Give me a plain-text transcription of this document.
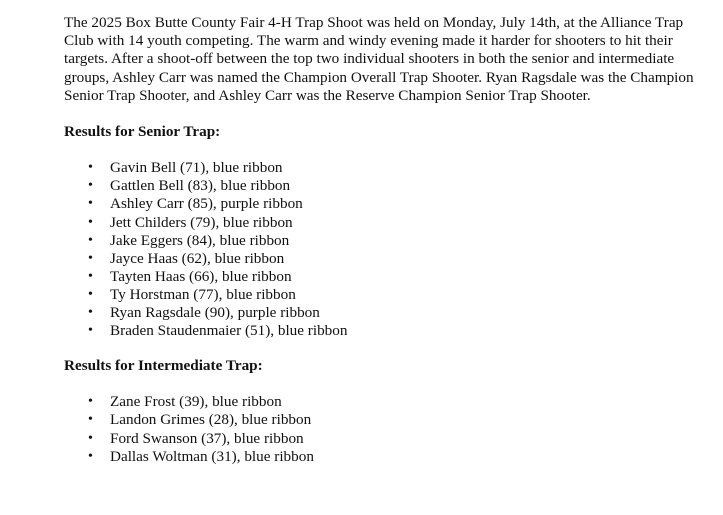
The 2025 Box Butte County Fair 4-H Trap Shoot was held on Monday, July 14th, at the Alliance Trap Club with 14 youth competing. The warm and windy evening made it harder for shooters to hit their targets. After a shoot-off between the top two individual shooters in both the senior and intermediate groups, Ashley Carr was named the Champion Overall Trap Shooter. Ryan Ragsdale was the Champion Senior Trap Shooter, and Ashley Carr was the Reserve Champion Senior Trap Shooter.

Results for Senior Trap:

• Gavin Bell (71), blue ribbon
• Gattlen Bell (83), blue ribbon
• Ashley Carr (85), purple ribbon
• Jett Childers (79), blue ribbon
• Jake Eggers (84), blue ribbon
• Jayce Haas (62), blue ribbon
• Tayten Haas (66), blue ribbon
• Ty Horstman (77), blue ribbon
• Ryan Ragsdale (90), purple ribbon
• Braden Staudenmaier (51), blue ribbon

Results for Intermediate Trap:

• Zane Frost (39), blue ribbon
• Landon Grimes (28), blue ribbon
• Ford Swanson (37), blue ribbon
• Dallas Woltman (31), blue ribbon
